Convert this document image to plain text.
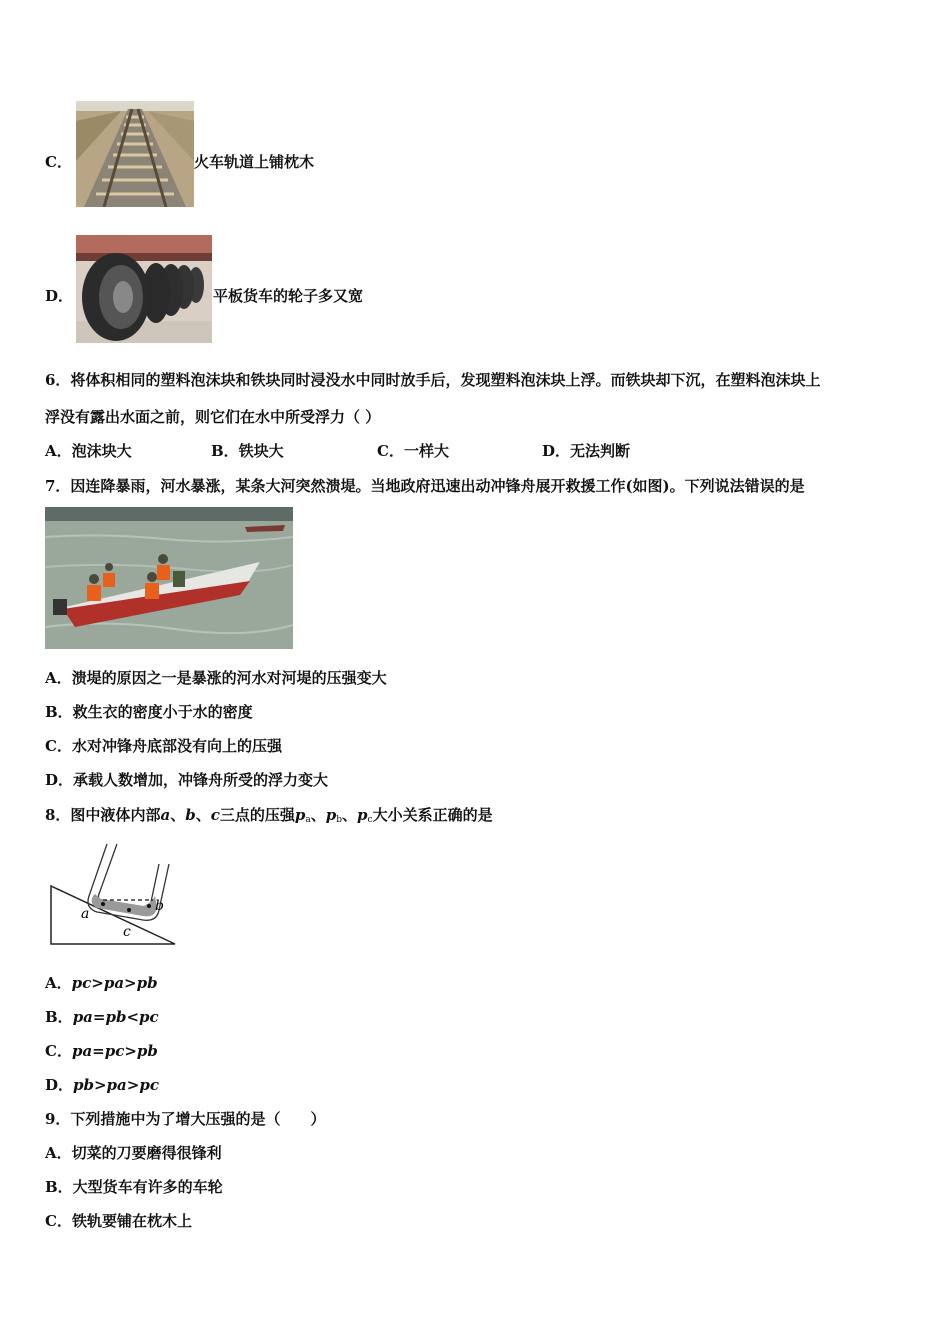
C．	火车轨道上铺枕木
D．	平板货车的轮子多又宽
6．将体积相同的塑料泡沫块和铁块同时浸没水中同时放手后，发现塑料泡沫块上浮。而铁块却下沉，在塑料泡沫块上
浮没有露出水面之前，则它们在水中所受浮力（ ）
A．泡沫块大	B．铁块大	C．一样大	D．无法判断
7．因连降暴雨，河水暴涨，某条大河突然溃堤。当地政府迅速出动冲锋舟展开救援工作(如图)。下列说法错误的是
A．溃堤的原因之一是暴涨的河水对河堤的压强变大
B．救生衣的密度小于水的密度
C．水对冲锋舟底部没有向上的压强
D．承载人数增加，冲锋舟所受的浮力变大
8．图中液体内部a、b、c三点的压强$p_a$、$p_b$、$p_c$大小关系正确的是
a	b
c
A．pc>pa>pb
B．pa=pb<pc
C．pa=pc>pb
D．pb>pa>pc
9．下列措施中为了增大压强的是（　　）
A．切菜的刀要磨得很锋利
B．大型货车有许多的车轮
C．铁轨要铺在枕木上
